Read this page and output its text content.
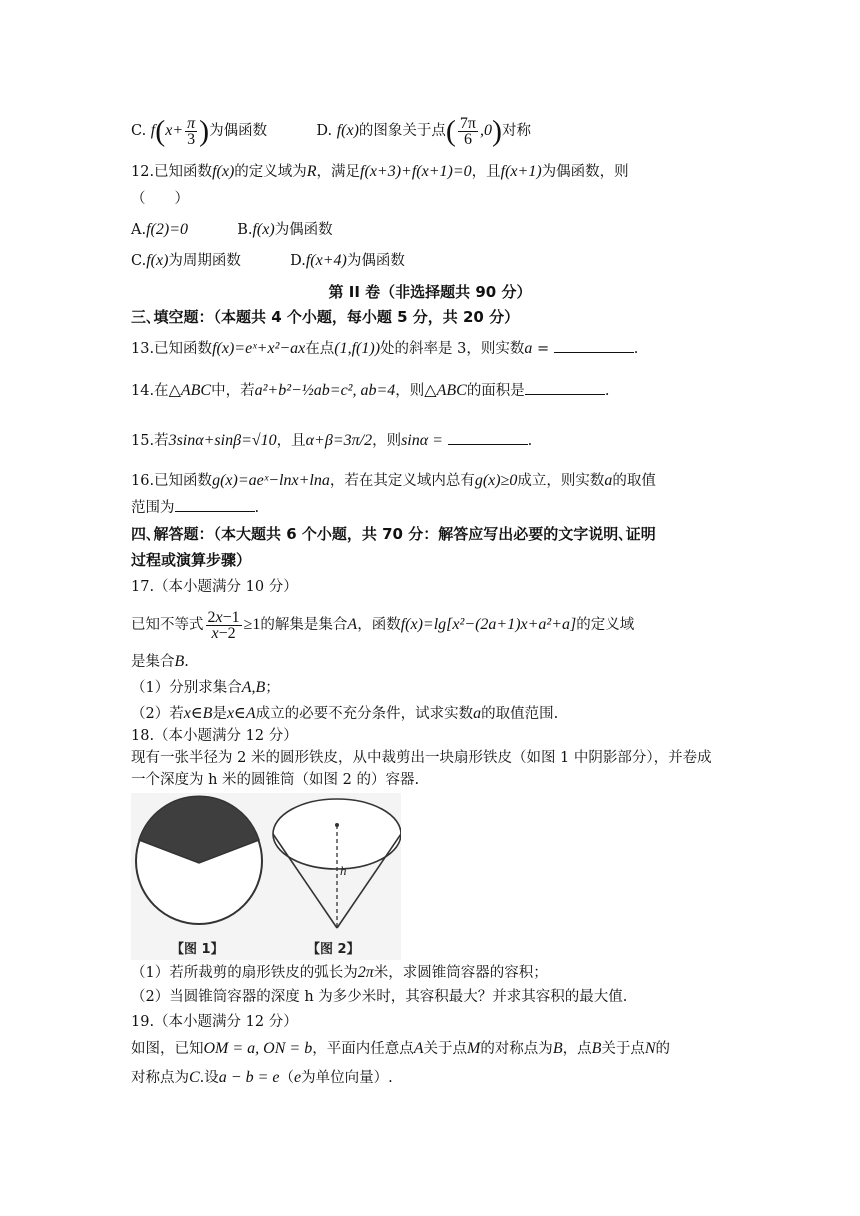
C. $f(x+ \frac{\pi}{3}$ )为偶函数	D. f(x)的图象关于点( $\frac{7\pi}{6} ,0$)对称
12.已知函数f(x)的定义域为R，满足f(x+3)+f(x+1)=0，且f(x+1)为偶函数，则
（　　）
A.f(2)=0	B.f(x)为偶函数
C.f(x)为周期函数	D.f(x+4)为偶函数
第 II 卷（非选择题共 90 分）
三､填空题：（本题共 4 个小题，每小题 5 分，共 20 分）
13.已知函数f(x)=eˣ+x²−ax在点(1,f(1))处的斜率是 3，则实数a =	.
14.在△ABC中，若a²+b²−½ab=c², ab=4，则△ABC的面积是	.
15.若3sinα+sinβ=√10，且α+β=3π/2，则sinα =	.
16.已知函数g(x)=aeˣ−lnx+lna，若在其定义域内总有g(x)≥0成立，则实数a的取值
范围为	.
四､解答题：（本大题共 6 个小题，共 70 分：解答应写出必要的文字说明､证明
过程或演算步骤）
17.（本小题满分 10 分）
已知不等式 $\frac{2x-1}{x-2} \ge 1$的解集是集合A，函数f(x)=lg[x²−(2a+1)x+a²+a]的定义域
是集合B.
（1）分别求集合A,B；
（2）若x∈B是x∈A成立的必要不充分条件，试求实数a的取值范围.
18.（本小题满分 12 分）
现有一张半径为 2 米的圆形铁皮，从中裁剪出一块扇形铁皮（如图 1 中阴影部分），并卷成
一个深度为 h 米的圆锥筒（如图 2 的）容器.
h
【图 1】	【图 2】
（1）若所裁剪的扇形铁皮的弧长为2π米，求圆锥筒容器的容积；
（2）当圆锥筒容器的深度 h 为多少米时，其容积最大？并求其容积的最大值.
19.（本小题满分 12 分）
如图，已知OM = a, ON = b，平面内任意点A关于点M的对称点为B，点B关于点N的
对称点为C.设a − b = e（e为单位向量）.
